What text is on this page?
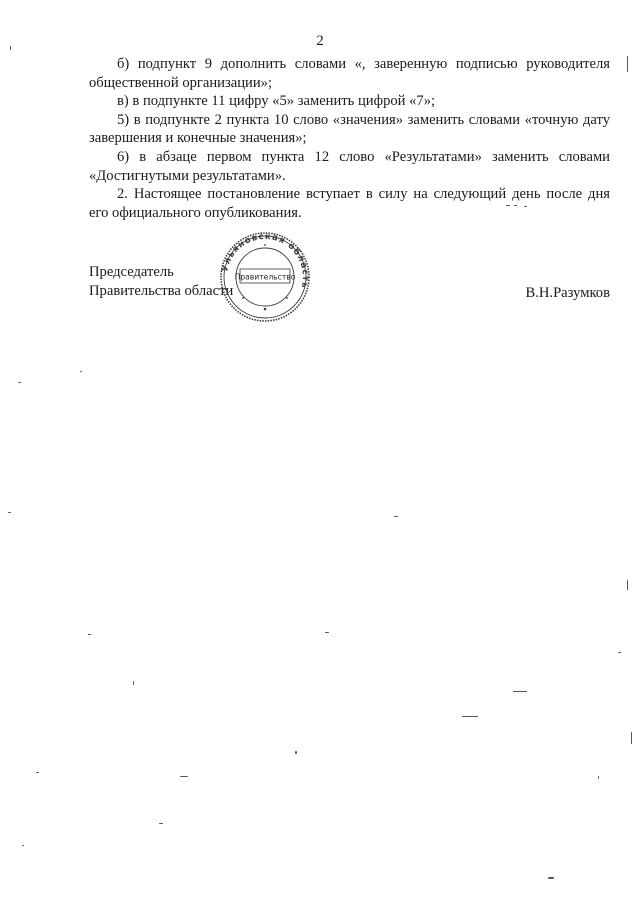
2

б) подпункт 9 дополнить словами «, заверенную подписью руководителя общественной организации»;

в) в подпункте 11 цифру «5» заменить цифрой «7»;

5) в подпункте 2 пункта 10 слово «значения» заменить словами «точную дату завершения и конечные значения»;

6) в абзаце первом пункта 12 слово «Результатами» заменить словами «Достигнутыми результатами».

2. Настоящее постановление вступает в силу на следующий день после дня его официального опубликования.

Председатель

Правительства области	В.Н.Разумков
Ульяновская область
Правительство
